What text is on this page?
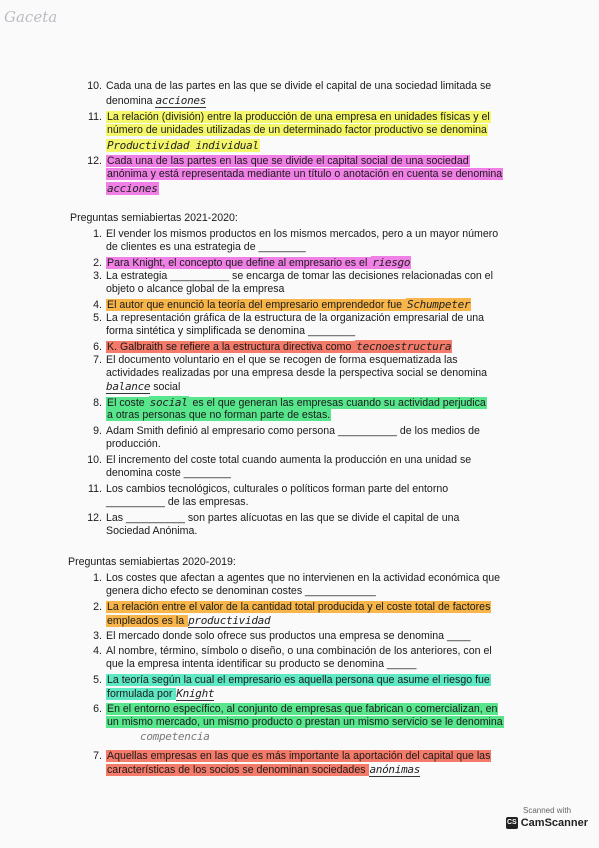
Gaceta
10. Cada una de las partes en las que se divide el capital de una sociedad limitada se
denomina acciones
11. La relación (división) entre la producción de una empresa en unidades físicas y el
número de unidades utilizadas de un determinado factor productivo se denomina
Productividad individual
12. Cada una de las partes en las que se divide el capital social de una sociedad
anónima y está representada mediante un título o anotación en cuenta se denomina
acciones
Preguntas semiabiertas 2021-2020:
1. El vender los mismos productos en los mismos mercados, pero a un mayor número
de clientes es una estrategia de ________
2. Para Knight, el concepto que define al empresario es el riesgo
3. La estrategia __________ se encarga de tomar las decisiones relacionadas con el
objeto o alcance global de la empresa
4. El autor que enunció la teoría del empresario emprendedor fue Schumpeter
5. La representación gráfica de la estructura de la organización empresarial de una
forma sintética y simplificada se denomina ________
6. K. Galbraith se refiere a la estructura directiva como tecnoestructura
7. El documento voluntario en el que se recogen de forma esquematizada las
actividades realizadas por una empresa desde la perspectiva social se denomina
balance social
8. El coste social es el que generan las empresas cuando su actividad perjudica
a otras personas que no forman parte de estas.
9. Adam Smith definió al empresario como persona __________ de los medios de
producción.
10. El incremento del coste total cuando aumenta la producción en una unidad se
denomina coste ________
11. Los cambios tecnológicos, culturales o políticos forman parte del entorno
__________ de las empresas.
12. Las __________ son partes alícuotas en las que se divide el capital de una
Sociedad Anónima.
Preguntas semiabiertas 2020-2019:
1. Los costes que afectan a agentes que no intervienen en la actividad económica que
genera dicho efecto se denominan costes ____________
2. La relación entre el valor de la cantidad total producida y el coste total de factores
empleados es la productividad
3. El mercado donde solo ofrece sus productos una empresa se denomina ____
4. Al nombre, término, símbolo o diseño, o una combinación de los anteriores, con el
que la empresa intenta identificar su producto se denomina _____
5. La teoría según la cual el empresario es aquella persona que asume el riesgo fue
formulada por Knight
6. En el entorno específico, al conjunto de empresas que fabrican o comercializan, en
un mismo mercado, un mismo producto o prestan un mismo servicio se le denomina
competencia
7. Aquellas empresas en las que es más importante la aportación del capital que las
características de los socios se denominan sociedades anónimas
Scanned with
CS CamScanner
